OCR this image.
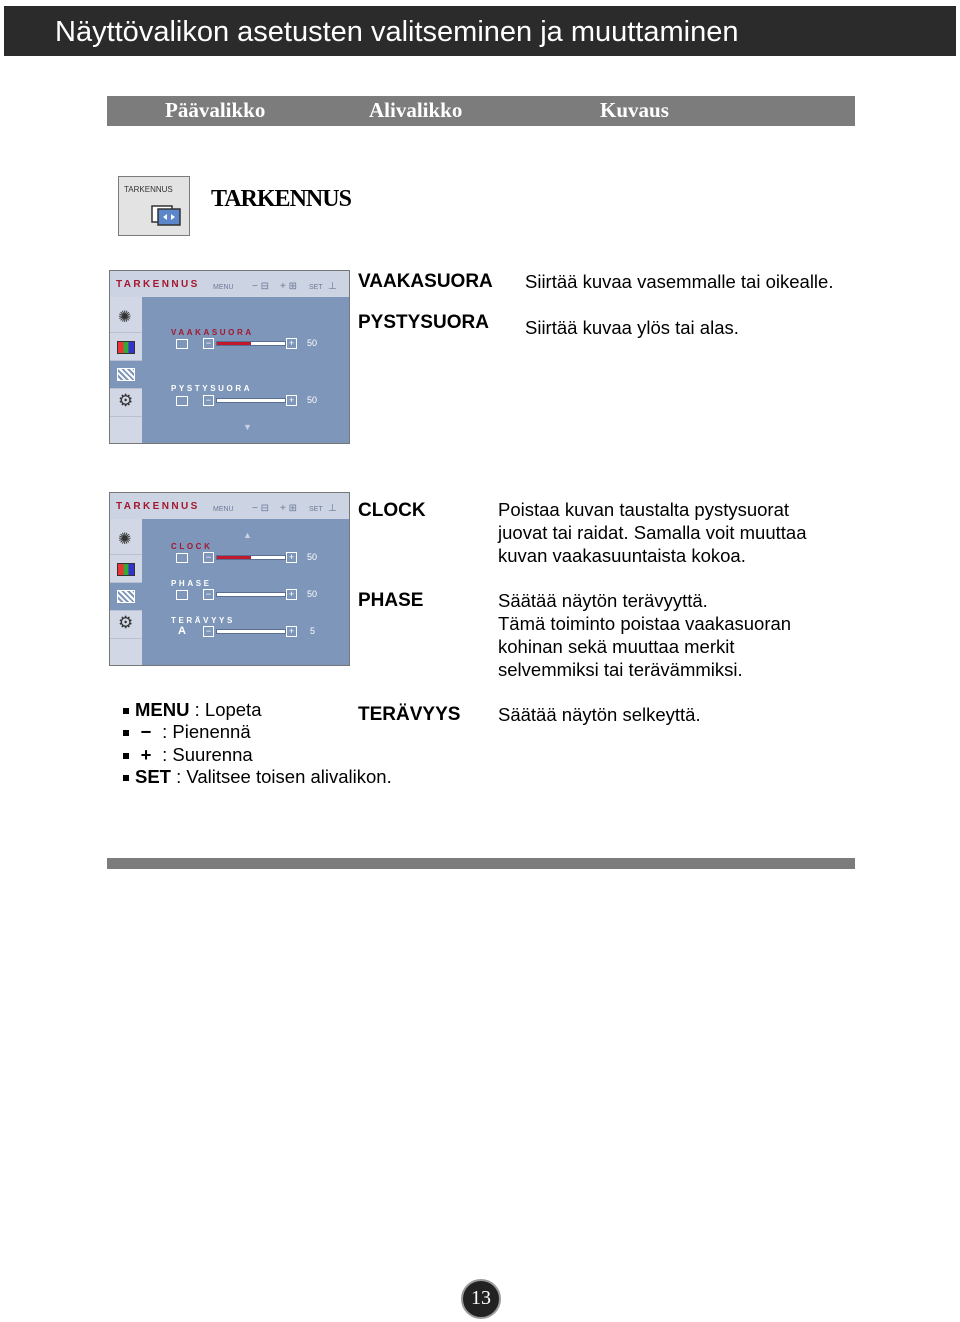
Näyttövalikon asetusten valitseminen ja muuttaminen
Päävalikko	Alivalikko	Kuvaus
TARKENNUS TARKENNUS
TARKENNUS MENU − ⊟ + ⊞ SET ⊥
✺
⚙
VAAKASUORA
−	+	50
PYSTYSUORA
−	+	50
▼
VAAKASUORA Siirtää kuvaa vasemmalle tai oikealle.
PYSTYSUORA Siirtää kuvaa ylös tai alas.
TARKENNUS MENU − ⊟ + ⊞ SET ⊥
✺
⚙
▲
CLOCK
−	+	50
PHASE
−	+	50
TERÄVYYS
A	−	+	5
CLOCK	Poistaa kuvan taustalta pystysuorat
juovat tai raidat. Samalla voit muuttaa
kuvan vaakasuuntaista kokoa.
PHASE	Säätää näytön terävyyttä.
Tämä toiminto poistaa vaakasuoran
kohinan sekä muuttaa merkit
selvemmiksi tai terävämmiksi.
TERÄVYYS Säätää näytön selkeyttä.
MENU : Lopeta
− : Pienennä
+ : Suurenna
SET : Valitsee toisen alivalikon.
13
